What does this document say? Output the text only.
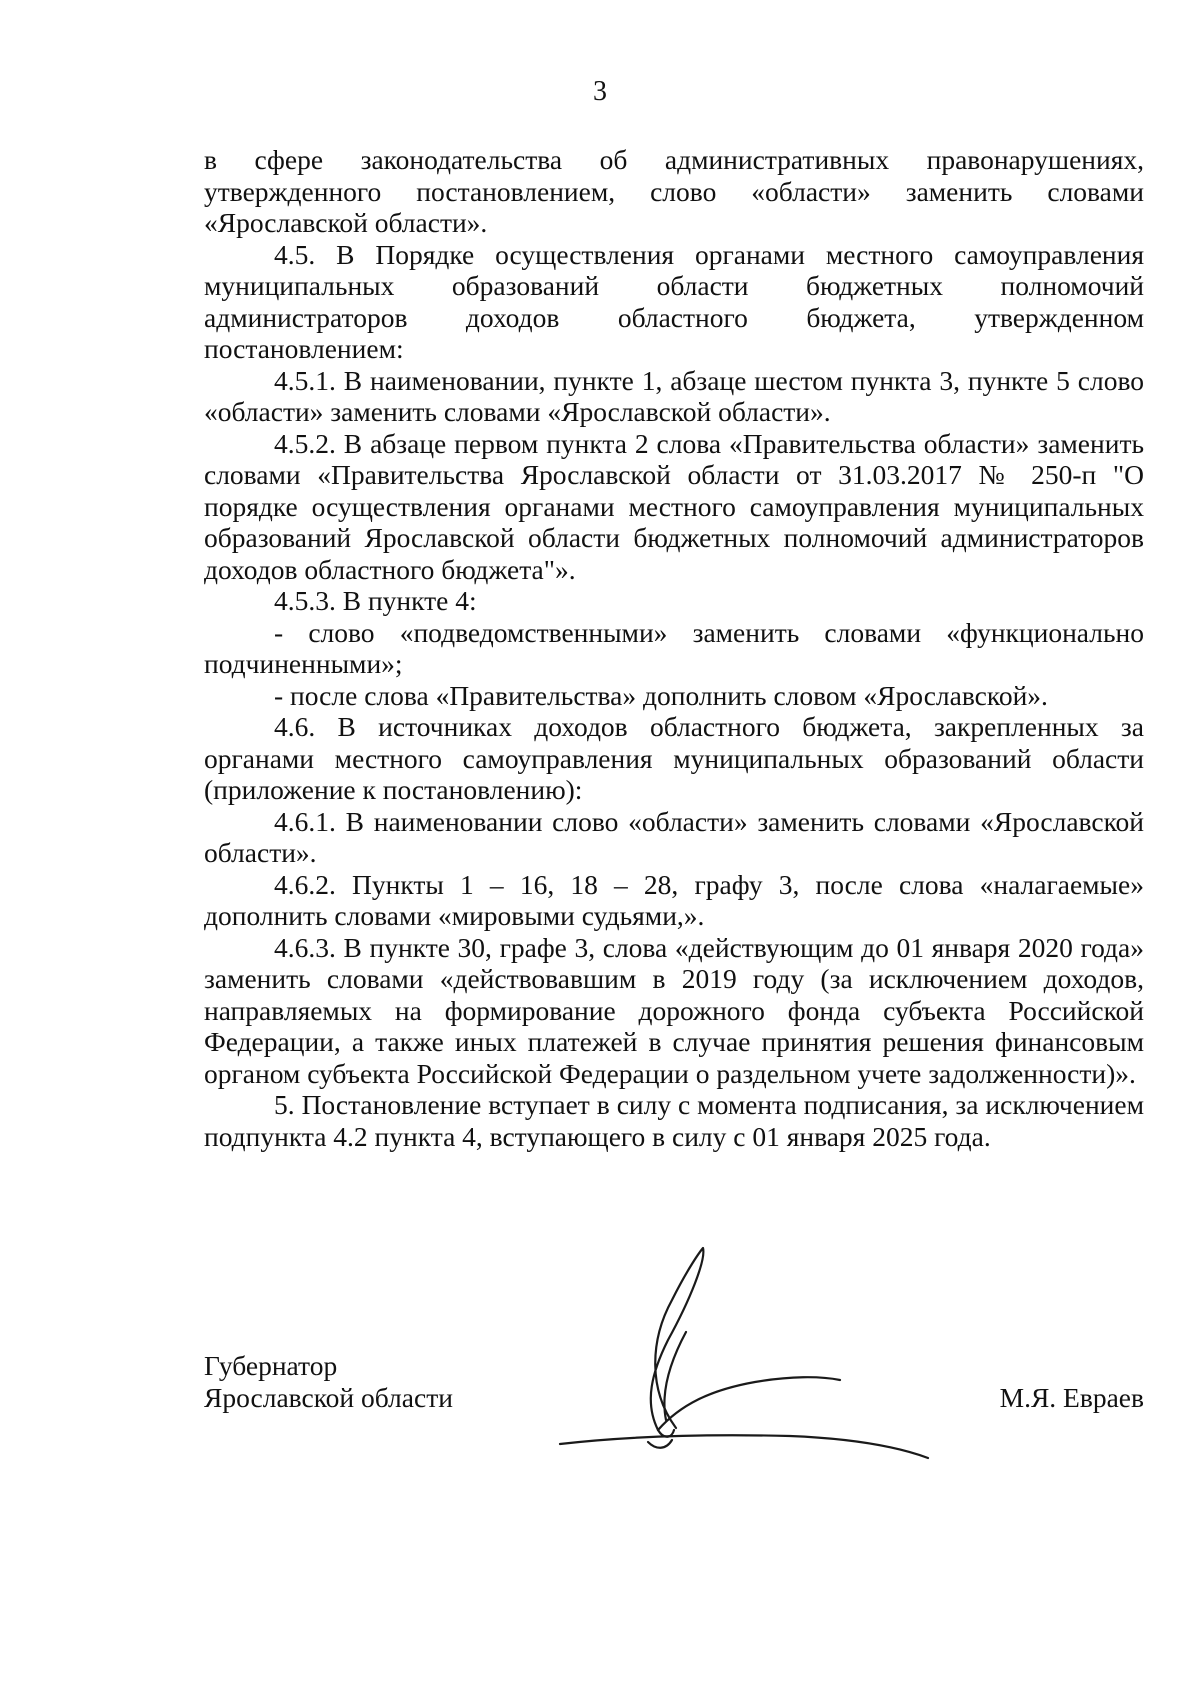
3

в сфере законодательства об административных правонарушениях, утвержденного постановлением, слово «области» заменить словами «Ярославской области».

4.5. В Порядке осуществления органами местного самоуправления муниципальных образований области бюджетных полномочий администраторов доходов областного бюджета, утвержденном постановлением:

4.5.1. В наименовании, пункте 1, абзаце шестом пункта 3, пункте 5 слово «области» заменить словами «Ярославской области».

4.5.2. В абзаце первом пункта 2 слова «Правительства области» заменить словами «Правительства Ярославской области от 31.03.2017 № 250-п "О порядке осуществления органами местного самоуправления муниципальных образований Ярославской области бюджетных полномочий администраторов доходов областного бюджета"».

4.5.3. В пункте 4:

- слово «подведомственными» заменить словами «функционально подчиненными»;

- после слова «Правительства» дополнить словом «Ярославской».

4.6. В источниках доходов областного бюджета, закрепленных за органами местного самоуправления муниципальных образований области (приложение к постановлению):

4.6.1. В наименовании слово «области» заменить словами «Ярославской области».

4.6.2. Пункты 1 – 16, 18 – 28, графу 3, после слова «налагаемые» дополнить словами «мировыми судьями,».

4.6.3. В пункте 30, графе 3, слова «действующим до 01 января 2020 года» заменить словами «действовавшим в 2019 году (за исключением доходов, направляемых на формирование дорожного фонда субъекта Российской Федерации, а также иных платежей в случае принятия решения финансовым органом субъекта Российской Федерации о раздельном учете задолженности)».

5. Постановление вступает в силу с момента подписания, за исключением подпункта 4.2 пункта 4, вступающего в силу с 01 января 2025 года.

Губернатор
Ярославской области	М.Я. Евраев
